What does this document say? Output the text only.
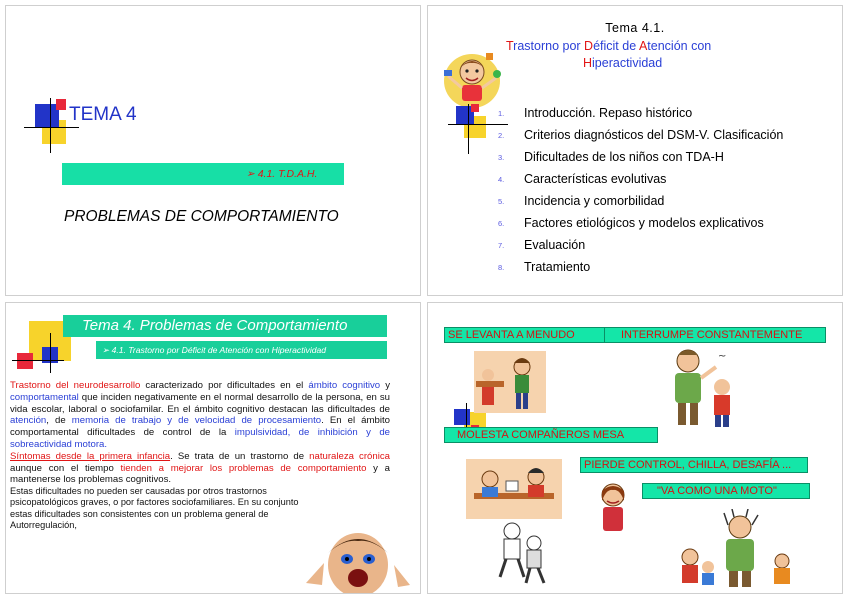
TEMA 4
➢ 4.1. T.D.A.H.
PROBLEMAS DE COMPORTAMIENTO
Tema 4.1.
Trastorno por Déficit de Atención con
Hiperactividad
1. Introducción. Repaso histórico
2. Criterios diagnósticos del DSM-V. Clasificación
3. Dificultades de los niños con TDA-H
4. Características evolutivas
5. Incidencia y comorbilidad
6. Factores etiológicos y modelos explicativos
7. Evaluación
8. Tratamiento
Tema 4. Problemas de Comportamiento
➢ 4.1. Trastorno por Déficit de Atención con Hiperactividad
Trastorno del neurodesarrollo caracterizado por dificultades en el ámbito cognitivo y comportamental que inciden negativamente en el normal desarrollo de la persona, en su vida escolar, laboral o sociofamilar. En el ámbito cognitivo destacan las dificultades de atención, de memoria de trabajo y de velocidad de procesamiento. En el ámbito comportamental dificultades de control de la impulsividad, de inhibición y de sobreactividad motora.
Síntomas desde la primera infancia. Se trata de un trastorno de naturaleza crónica aunque con el tiempo tienden a mejorar los problemas de comportamiento y a mantenerse los problemas cognitivos.
Estas dificultades no pueden ser causadas por otros trastornos psicopatológicos graves, o por factores sociofamiliares. En su conjunto estas dificultades son consistentes con un problema general de Autorregulación,
SE LEVANTA A MENUDO	INTERRUMPE CONSTANTEMENTE
~
MOLESTA COMPAÑEROS MESA
PIERDE CONTROL, CHILLA, DESAFÍA ...
"VA COMO UNA MOTO"
